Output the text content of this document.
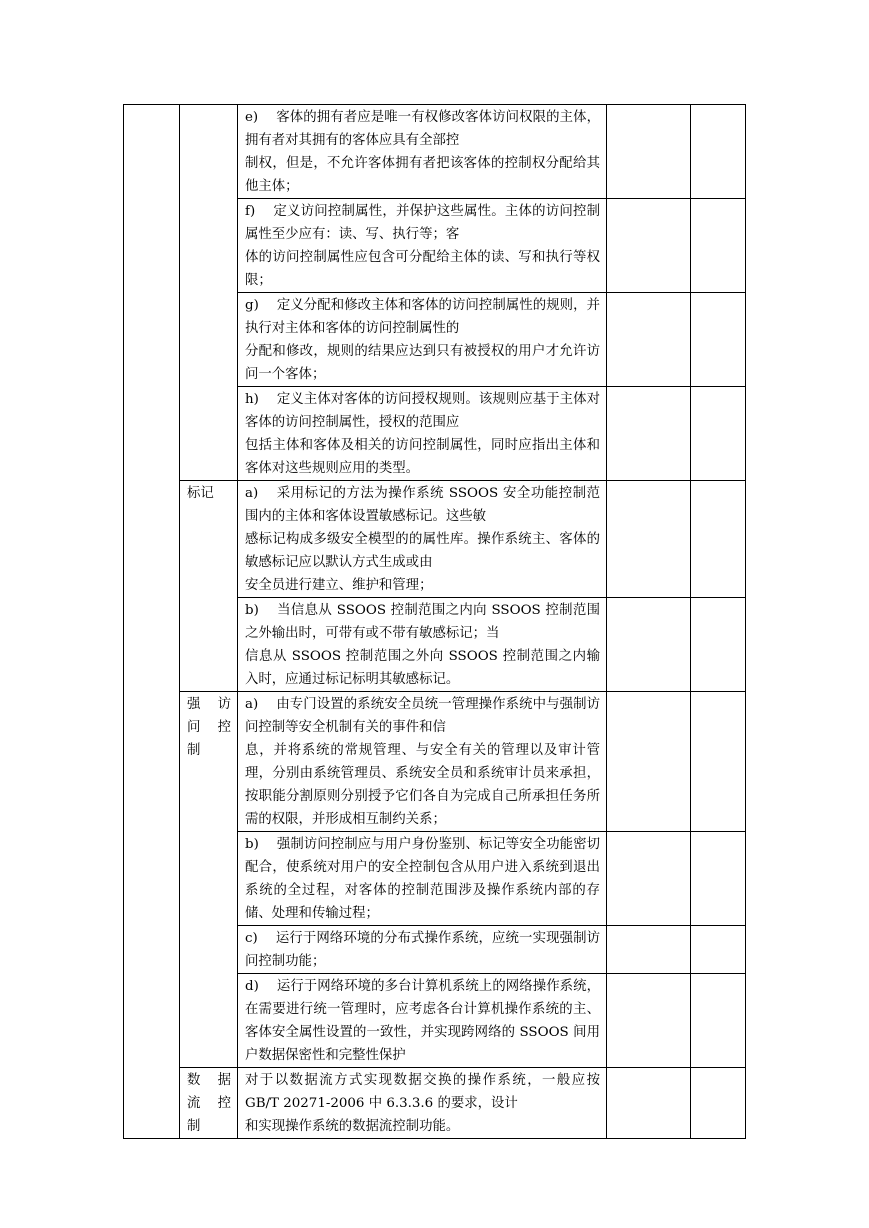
		e) 客体的拥有者应是唯一有权修改客体访问权限的主体，拥有者对其拥有的客体应具有全部控
制权，但是，不允许客体拥有者把该客体的控制权分配给其他主体；		

		f) 定义访问控制属性，并保护这些属性。主体的访问控制属性至少应有：读、写、执行等；客
体的访问控制属性应包含可分配给主体的读、写和执行等权限；		

		g) 定义分配和修改主体和客体的访问控制属性的规则，并执行对主体和客体的访问控制属性的
分配和修改，规则的结果应达到只有被授权的用户才允许访问一个客体；		

		h) 定义主体对客体的访问授权规则。该规则应基于主体对客体的访问控制属性，授权的范围应
包括主体和客体及相关的访问控制属性，同时应指出主体和客体对这些规则应用的类型。		

	标记	a) 采用标记的方法为操作系统 SSOOS 安全功能控制范围内的主体和客体设置敏感标记。这些敏
感标记构成多级安全模型的的属性库。操作系统主、客体的敏感标记应以默认方式生成或由
安全员进行建立、维护和管理；		

		b) 当信息从 SSOOS 控制范围之内向 SSOOS 控制范围之外输出时，可带有或不带有敏感标记；当
信息从 SSOOS 控制范围之外向 SSOOS 控制范围之内输入时，应通过标记标明其敏感标记。		

	强　访
问　控
制	a) 由专门设置的系统安全员统一管理操作系统中与强制访问控制等安全机制有关的事件和信
息，并将系统的常规管理、与安全有关的管理以及审计管理，分别由系统管理员、系统安全员和系统审计员来承担，按职能分割原则分别授予它们各自为完成自己所承担任务所需的权限，并形成相互制约关系；		

		b) 强制访问控制应与用户身份鉴别、标记等安全功能密切配合，使系统对用户的安全控制包含从用户进入系统到退出系统的全过程，对客体的控制范围涉及操作系统内部的存储、处理和传输过程；		
		c) 运行于网络环境的分布式操作系统，应统一实现强制访问控制功能；		
		d) 运行于网络环境的多台计算机系统上的网络操作系统，在需要进行统一管理时，应考虑各台计算机操作系统的主、客体安全属性设置的一致性，并实现跨网络的 SSOOS 间用户数据保密性和完整性保护		

	数　据
流　控
制	对于以数据流方式实现数据交换的操作系统，一般应按 GB/T 20271-2006 中 6.3.3.6 的要求，设计
和实现操作系统的数据流控制功能。		
